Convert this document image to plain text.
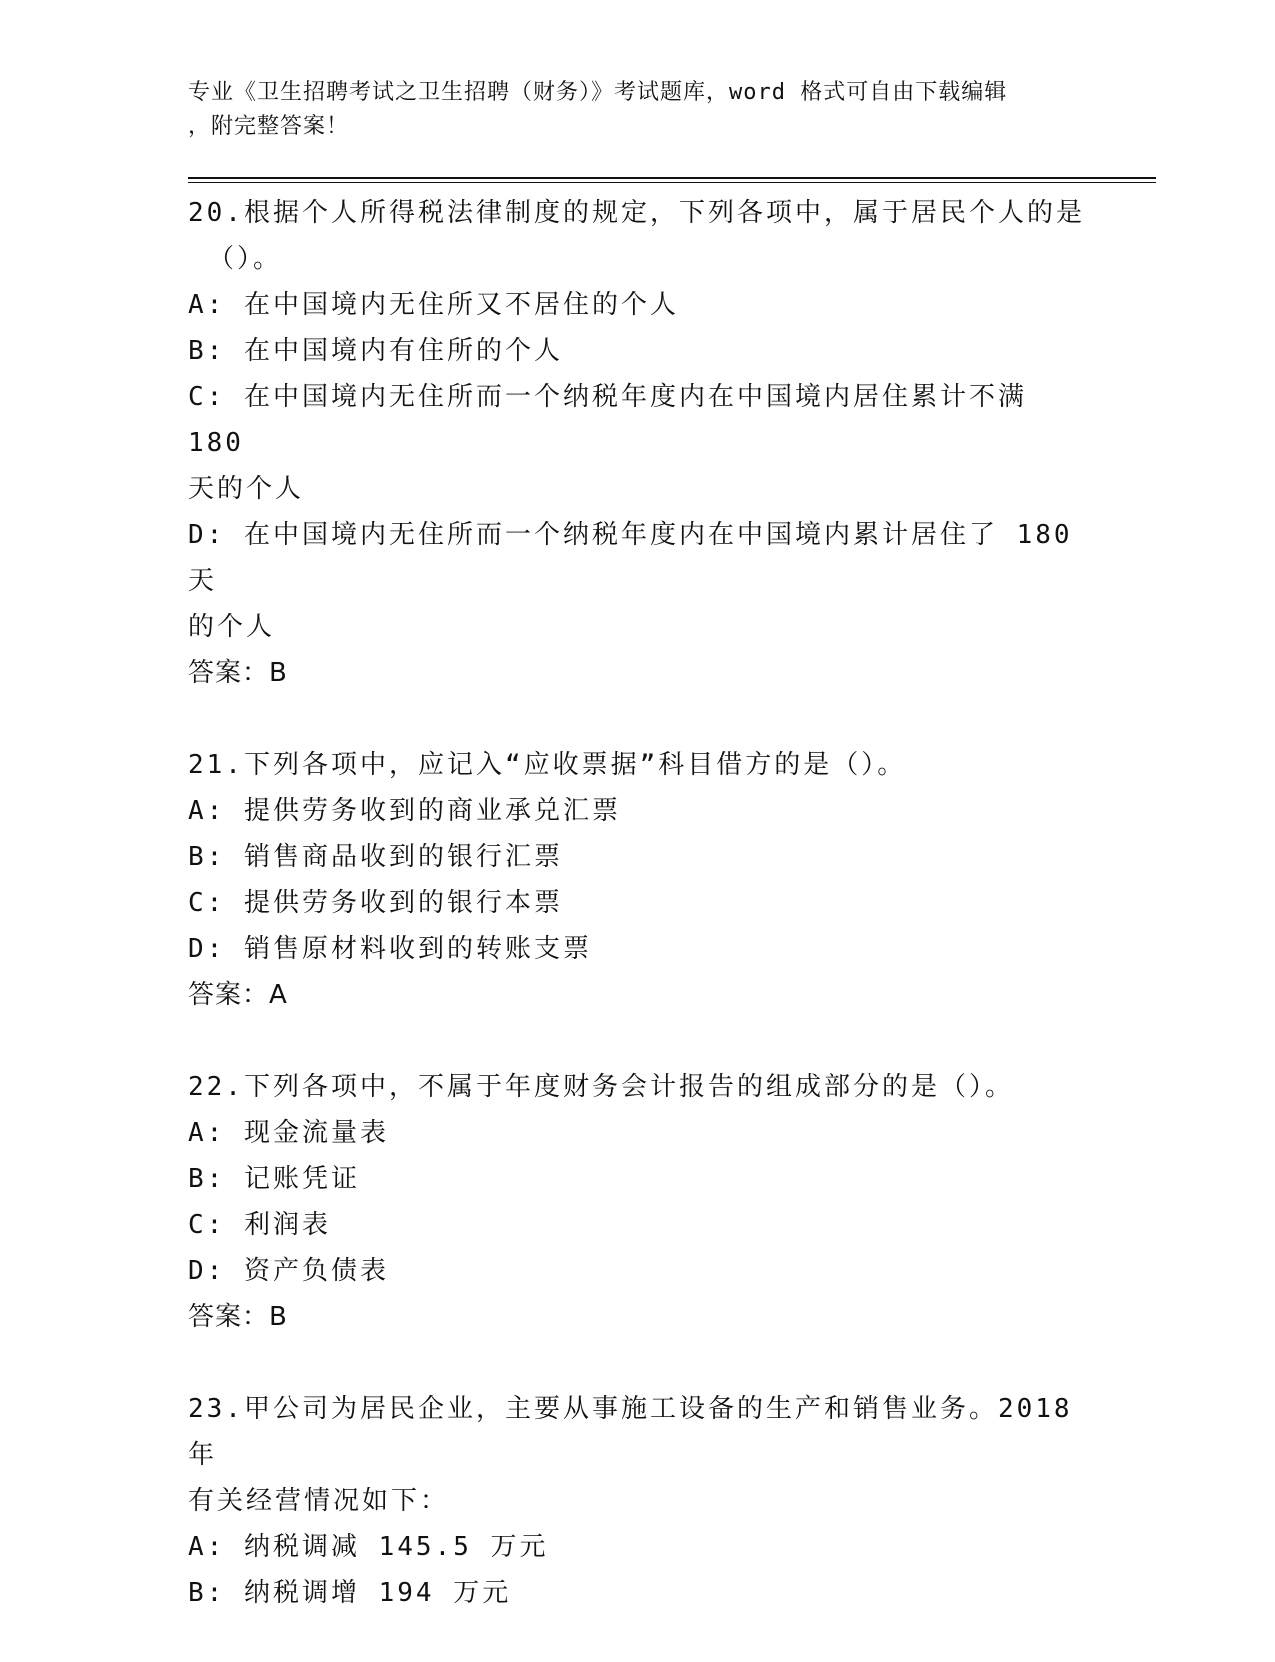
专业《卫生招聘考试之卫生招聘（财务）》考试题库，word 格式可自由下载编辑
，附完整答案！
20.根据个人所得税法律制度的规定，下列各项中，属于居民个人的是
（）。
A: 在中国境内无住所又不居住的个人
B: 在中国境内有住所的个人
C: 在中国境内无住所而一个纳税年度内在中国境内居住累计不满 180
天的个人
D: 在中国境内无住所而一个纳税年度内在中国境内累计居住了 180 天
的个人
答案：B
21.下列各项中，应记入“应收票据”科目借方的是（）。
A: 提供劳务收到的商业承兑汇票
B: 销售商品收到的银行汇票
C: 提供劳务收到的银行本票
D: 销售原材料收到的转账支票
答案：A
22.下列各项中，不属于年度财务会计报告的组成部分的是（）。
A: 现金流量表
B: 记账凭证
C: 利润表
D: 资产负债表
答案：B
23.甲公司为居民企业，主要从事施工设备的生产和销售业务。2018 年
有关经营情况如下：
A: 纳税调减 145.5 万元
B: 纳税调增 194 万元
